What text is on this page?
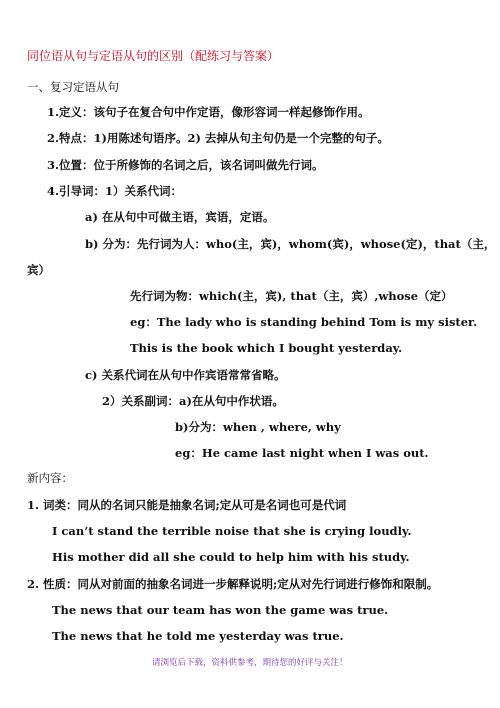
同位语从句与定语从句的区别（配练习与答案）
一、复习定语从句
1.定义：该句子在复合句中作定语，像形容词一样起修饰作用。
2.特点：1)用陈述句语序。2) 去掉从句主句仍是一个完整的句子。
3.位置：位于所修饰的名词之后，该名词叫做先行词。
4.引导词：1）关系代词：
a) 在从句中可做主语，宾语，定语。
b) 分为：先行词为人：who(主，宾)，whom(宾)，whose(定)，that（主，
宾）
先行词为物：which(主，宾), that（主，宾）,whose（定）
eg：The lady who is standing behind Tom is my sister.
This is the book which I bought yesterday.
c) 关系代词在从句中作宾语常常省略。
2）关系副词：a)在从句中作状语。
b)分为：when , where, why
eg：He came last night when I was out.
新内容：
1. 词类：同从的名词只能是抽象名词;定从可是名词也可是代词
I can’t stand the terrible noise that she is crying loudly.
His mother did all she could to help him with his study.
2. 性质：同从对前面的抽象名词进一步解释说明;定从对先行词进行修饰和限制。
The news that our team has won the game was true.
The news that he told me yesterday was true.
请浏览后下载，资料供参考，期待您的好评与关注！
